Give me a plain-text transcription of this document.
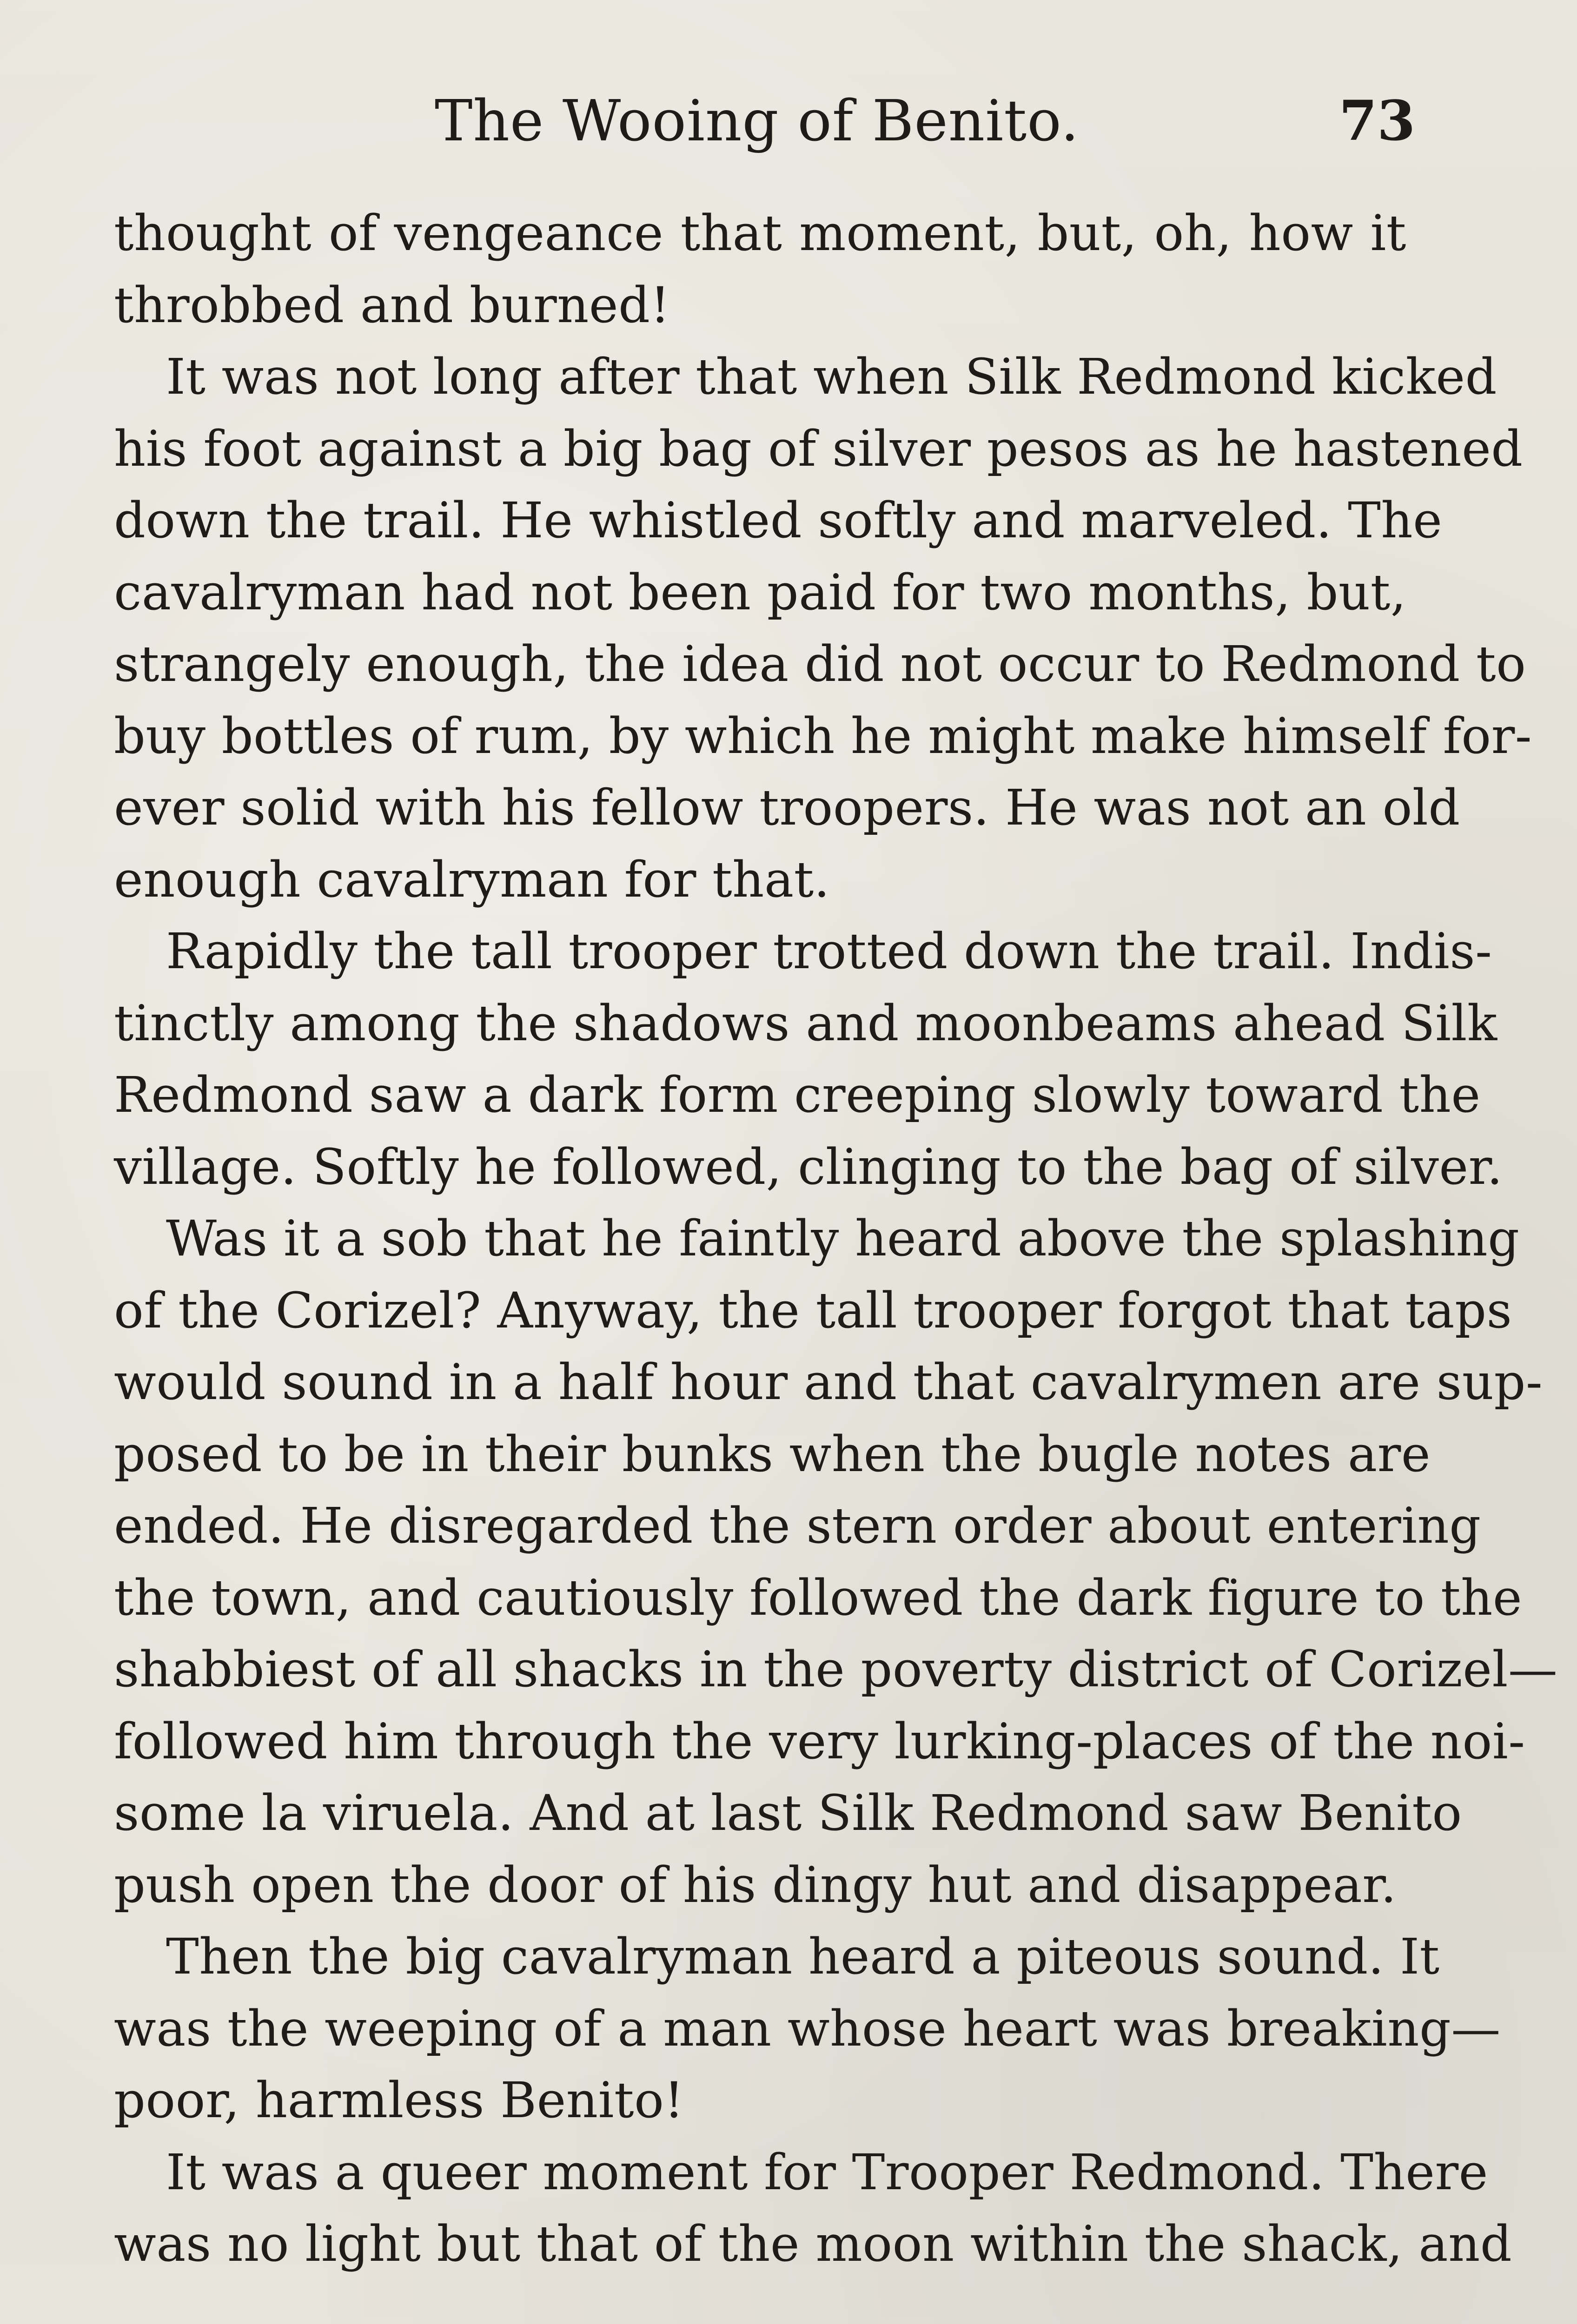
The Wooing of Benito.	73
thought of vengeance that moment, but, oh, how it
throbbed and burned!
It was not long after that when Silk Redmond kicked
his foot against a big bag of silver pesos as he hastened
down the trail. He whistled softly and marveled. The
cavalryman had not been paid for two months, but,
strangely enough, the idea did not occur to Redmond to
buy bottles of rum, by which he might make himself for-
ever solid with his fellow troopers. He was not an old
enough cavalryman for that.
Rapidly the tall trooper trotted down the trail. Indis-
tinctly among the shadows and moonbeams ahead Silk
Redmond saw a dark form creeping slowly toward the
village. Softly he followed, clinging to the bag of silver.
Was it a sob that he faintly heard above the splashing
of the Corizel? Anyway, the tall trooper forgot that taps
would sound in a half hour and that cavalrymen are sup-
posed to be in their bunks when the bugle notes are
ended. He disregarded the stern order about entering
the town, and cautiously followed the dark figure to the
shabbiest of all shacks in the poverty district of Corizel—
followed him through the very lurking-places of the noi-
some la viruela. And at last Silk Redmond saw Benito
push open the door of his dingy hut and disappear.
Then the big cavalryman heard a piteous sound. It
was the weeping of a man whose heart was breaking—
poor, harmless Benito!
It was a queer moment for Trooper Redmond. There
was no light but that of the moon within the shack, and
